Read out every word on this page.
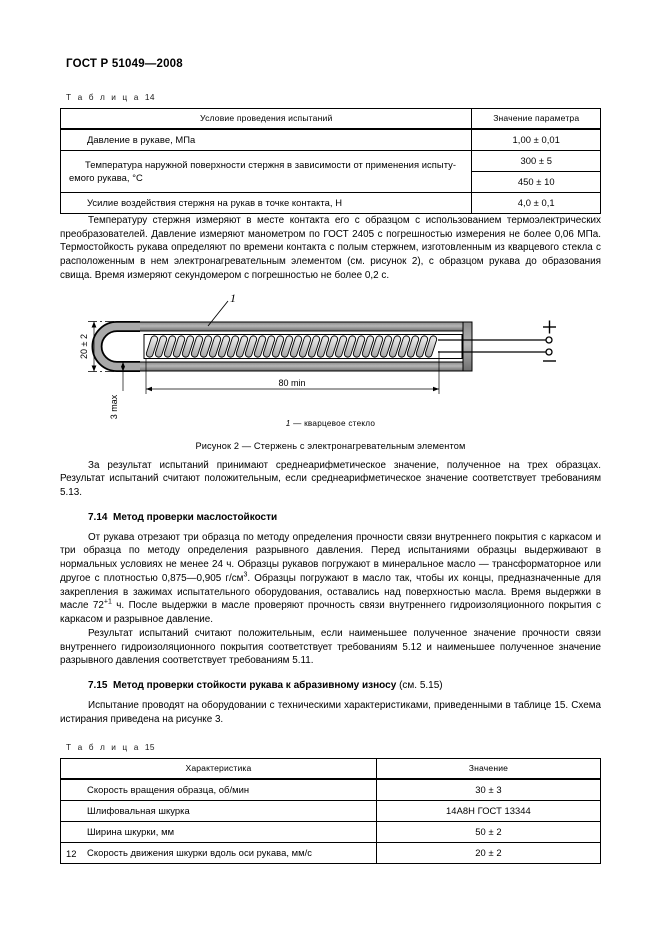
ГОСТ Р 51049—2008
Т а б л и ц а 14
Условие проведения испытаний	Значение параметра

Давление в рукаве, МПа	1,00 ± 0,01

Температура наружной поверхности стержня в зависимости от применения испыту-
емого рукава, °С	300 ± 5

	450 ± 10

Усилие воздействия стержня на рукав в точке контакта, Н	4,0 ± 0,1

Температуру стержня измеряют в месте контакта его с образцом с использованием термоэлектрических преобразователей. Давление измеряют манометром по ГОСТ 2405 с погрешностью измерения не более 0,06 МПа. Термостойкость рукава определяют по времени контакта с полым стержнем, изготовленным из кварцевого стекла с расположенным в нем электронагревательным элементом (см. рисунок 2), с образцом рукава до образования свища. Время измеряют секундомером с погрешностью не более 0,2 с.

1
20 ± 2
3 max
80 min
1 — кварцевое стекло
Рисунок 2 — Стержень с электронагревательным элементом

За результат испытаний принимают среднеарифметическое значение, полученное на трех образцах. Результат испытаний считают положительным, если среднеарифметическое значение соответствует требованиям 5.13.

7.14 Метод проверки маслостойкости

От рукава отрезают три образца по методу определения прочности связи внутреннего покрытия с каркасом и три образца по методу определения разрывного давления. Перед испытаниями образцы выдерживают в нормальных условиях не менее 24 ч. Образцы рукавов погружают в минеральное масло — трансформаторное или другое с плотностью 0,875—0,905 $г/см^3$. Образцы погружают в масло так, чтобы их концы, предназначенные для закрепления в зажимах испытательного оборудования, оставались над поверхностью масла. Время выдержки в масле $72^{+1}$ ч. После выдержки в масле проверяют прочность связи внутреннего гидроизоляционного покрытия с каркасом и разрывное давление.

Результат испытаний считают положительным, если наименьшее полученное значение прочности связи внутреннего гидроизоляционного покрытия соответствует требованиям 5.12 и наименьшее полученное значение разрывного давления соответствует требованиям 5.11.

7.15 Метод проверки стойкости рукава к абразивному износу (см. 5.15)

Испытание проводят на оборудовании с техническими характеристиками, приведенными в таблице 15. Схема истирания приведена на рисунке 3.

Т а б л и ц а 15
Характеристика	Значение

Скорость вращения образца, об/мин	30 ± 3

Шлифовальная шкурка	14А8Н ГОСТ 13344

Ширина шкурки, мм	50 ± 2

Скорость движения шкурки вдоль оси рукава, мм/с	20 ± 2
12
